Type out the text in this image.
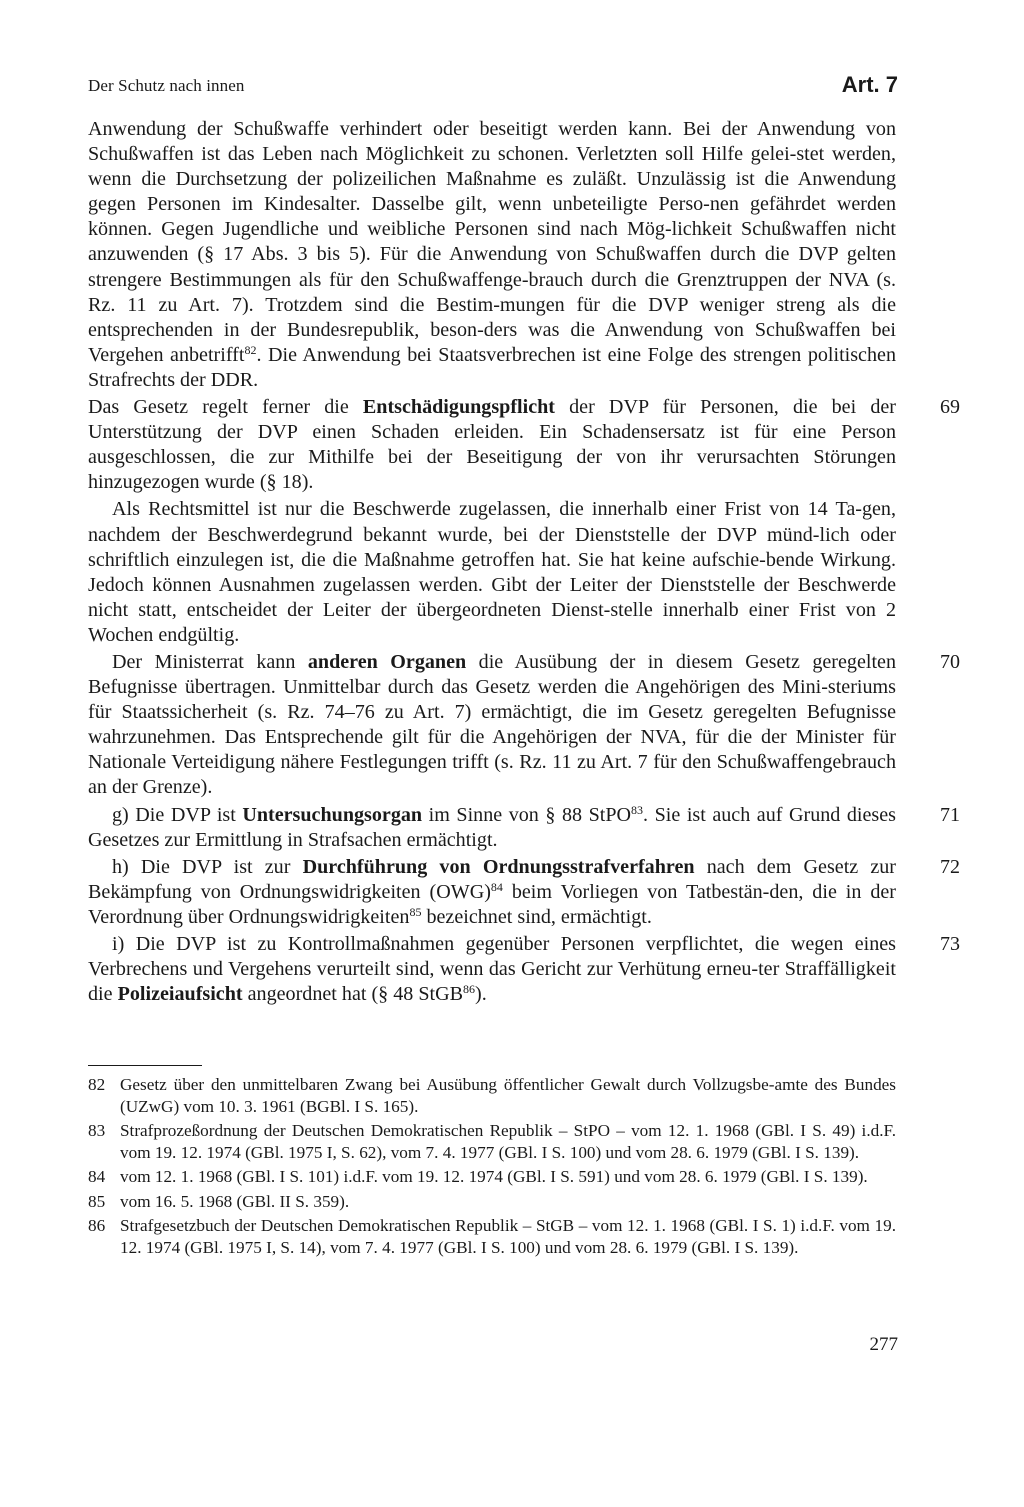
Der Schutz nach innen	Art. 7

Anwendung der Schußwaffe verhindert oder beseitigt werden kann. Bei der Anwendung von Schußwaffen ist das Leben nach Möglichkeit zu schonen. Verletzten soll Hilfe gelei-stet werden, wenn die Durchsetzung der polizeilichen Maßnahme es zuläßt. Unzulässig ist die Anwendung gegen Personen im Kindesalter. Dasselbe gilt, wenn unbeteiligte Perso-nen gefährdet werden können. Gegen Jugendliche und weibliche Personen sind nach Mög-lichkeit Schußwaffen nicht anzuwenden (§ 17 Abs. 3 bis 5). Für die Anwendung von Schußwaffen durch die DVP gelten strengere Bestimmungen als für den Schußwaffenge-brauch durch die Grenztruppen der NVA (s. Rz. 11 zu Art. 7). Trotzdem sind die Bestim-mungen für die DVP weniger streng als die entsprechenden in der Bundesrepublik, beson-ders was die Anwendung von Schußwaffen bei Vergehen anbetrifft$^{82}$. Die Anwendung bei Staatsverbrechen ist eine Folge des strengen politischen Strafrechts der DDR.

69
Das Gesetz regelt ferner die Entschädigungspflicht der DVP für Personen, die bei der Unterstützung der DVP einen Schaden erleiden. Ein Schadensersatz ist für eine Person ausgeschlossen, die zur Mithilfe bei der Beseitigung der von ihr verursachten Störungen hinzugezogen wurde (§ 18).

Als Rechtsmittel ist nur die Beschwerde zugelassen, die innerhalb einer Frist von 14 Ta-gen, nachdem der Beschwerdegrund bekannt wurde, bei der Dienststelle der DVP münd-lich oder schriftlich einzulegen ist, die die Maßnahme getroffen hat. Sie hat keine aufschie-bende Wirkung. Jedoch können Ausnahmen zugelassen werden. Gibt der Leiter der Dienststelle der Beschwerde nicht statt, entscheidet der Leiter der übergeordneten Dienst-stelle innerhalb einer Frist von 2 Wochen endgültig.

70
Der Ministerrat kann anderen Organen die Ausübung der in diesem Gesetz geregelten Befugnisse übertragen. Unmittelbar durch das Gesetz werden die Angehörigen des Mini-steriums für Staatssicherheit (s. Rz. 74–76 zu Art. 7) ermächtigt, die im Gesetz geregelten Befugnisse wahrzunehmen. Das Entsprechende gilt für die Angehörigen der NVA, für die der Minister für Nationale Verteidigung nähere Festlegungen trifft (s. Rz. 11 zu Art. 7 für den Schußwaffengebrauch an der Grenze).

71
g) Die DVP ist Untersuchungsorgan im Sinne von § 88 StPO$^{83}$. Sie ist auch auf Grund dieses Gesetzes zur Ermittlung in Strafsachen ermächtigt.

72
h) Die DVP ist zur Durchführung von Ordnungsstrafverfahren nach dem Gesetz zur Bekämpfung von Ordnungswidrigkeiten (OWG)$^{84}$ beim Vorliegen von Tatbestän-den, die in der Verordnung über Ordnungswidrigkeiten$^{85}$ bezeichnet sind, ermächtigt.

73
i) Die DVP ist zu Kontrollmaßnahmen gegenüber Personen verpflichtet, die wegen eines Verbrechens und Vergehens verurteilt sind, wenn das Gericht zur Verhütung erneu-ter Straffälligkeit die Polizeiaufsicht angeordnet hat (§ 48 StGB$^{86}$).

82 Gesetz über den unmittelbaren Zwang bei Ausübung öffentlicher Gewalt durch Vollzugsbe-amte des Bundes (UZwG) vom 10. 3. 1961 (BGBl. I S. 165).
83 Strafprozeßordnung der Deutschen Demokratischen Republik – StPO – vom 12. 1. 1968 (GBl. I S. 49) i.d.F. vom 19. 12. 1974 (GBl. 1975 I, S. 62), vom 7. 4. 1977 (GBl. I S. 100) und vom 28. 6. 1979 (GBl. I S. 139).
84 vom 12. 1. 1968 (GBl. I S. 101) i.d.F. vom 19. 12. 1974 (GBl. I S. 591) und vom 28. 6. 1979 (GBl. I S. 139).
85 vom 16. 5. 1968 (GBl. II S. 359).
86 Strafgesetzbuch der Deutschen Demokratischen Republik – StGB – vom 12. 1. 1968 (GBl. I S. 1) i.d.F. vom 19. 12. 1974 (GBl. 1975 I, S. 14), vom 7. 4. 1977 (GBl. I S. 100) und vom 28. 6. 1979 (GBl. I S. 139).
277
